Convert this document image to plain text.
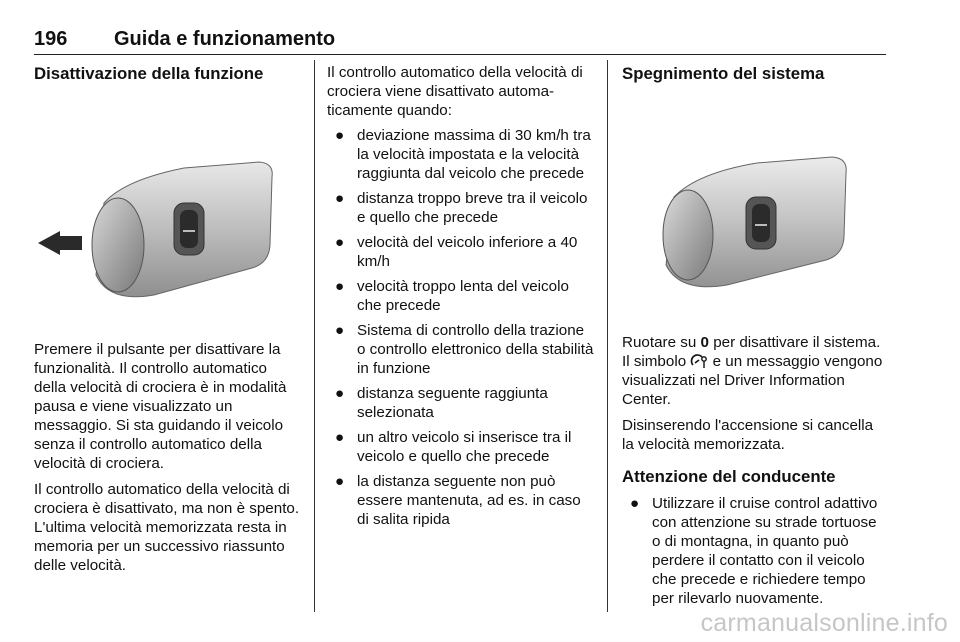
196 Guida e funzionamento
Disattivazione della funzione

Premere il pulsante per disattivare la funzionalità. Il controllo automatico della velocità di crociera è in modalità pausa e viene visualizzato un messaggio. Si sta guidando il veicolo senza il controllo automatico della velocità di crociera.

Il controllo automatico della velocità di crociera è disattivato, ma non è spento. L'ultima velocità memorizzata resta in memoria per un successivo riassunto delle velocità.

Il controllo automatico della velocità di crociera viene disattivato automaticamente quando:

● deviazione massima di 30 km/h tra la velocità impostata e la velocità raggiunta dal veicolo che precede
● distanza troppo breve tra il veicolo e quello che precede
● velocità del veicolo inferiore a 40 km/h
● velocità troppo lenta del veicolo che precede
● Sistema di controllo della trazione o controllo elettronico della stabilità in funzione
● distanza seguente raggiunta selezionata
● un altro veicolo si inserisce tra il veicolo e quello che precede
● la distanza seguente non può essere mantenuta, ad es. in caso di salita ripida
Spegnimento del sistema

Ruotare su 0 per disattivare il sistema. Il simbolo  e un messaggio vengono visualizzati nel Driver Information Center.

Disinserendo l'accensione si cancella la velocità memorizzata.

Attenzione del conducente
● Utilizzare il cruise control adattivo con attenzione su strade tortuose o di montagna, in quanto può perdere il contatto con il veicolo che precede e richiedere tempo per rilevarlo nuovamente.
carmanualsonline.info
